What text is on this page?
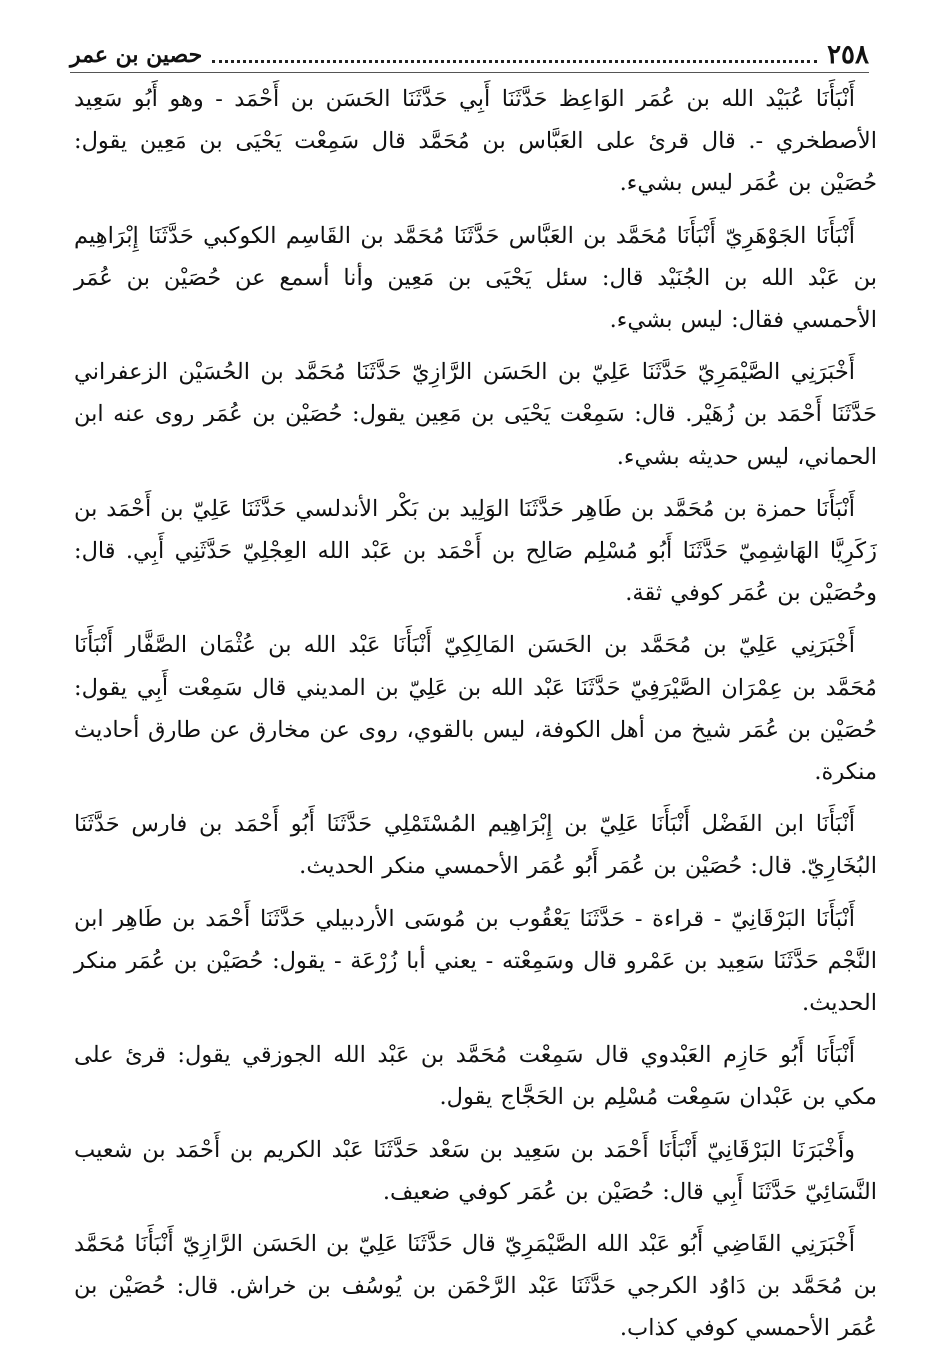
٢٥٨
حصين بن عمر

أَنْبَأَنَا عُبَيْد الله بن عُمَر الوَاعِظ حَدَّثَنَا أَبِي حَدَّثَنَا الحَسَن بن أَحْمَد - وهو أَبُو سَعِيد الأصطخري -. قال قرئ على العَبَّاس بن مُحَمَّد قال سَمِعْت يَحْيَى بن مَعِين يقول: حُصَيْن بن عُمَر ليس بشيء.

أَنْبَأَنَا الجَوْهَرِيّ أَنْبَأَنَا مُحَمَّد بن العَبَّاس حَدَّثَنَا مُحَمَّد بن القَاسِم الكوكبي حَدَّثَنَا إِبْرَاهِيم بن عَبْد الله بن الجُنَيْد قال: سئل يَحْيَى بن مَعِين وأنا أسمع عن حُصَيْن بن عُمَر الأحمسي فقال: ليس بشيء.

أَخْبَرَنِي الصَّيْمَرِيّ حَدَّثَنَا عَلِيّ بن الحَسَن الرَّازِيّ حَدَّثَنَا مُحَمَّد بن الحُسَيْن الزعفراني حَدَّثَنَا أَحْمَد بن زُهَيْر. قال: سَمِعْت يَحْيَى بن مَعِين يقول: حُصَيْن بن عُمَر روى عنه ابن الحماني، ليس حديثه بشيء.

أَنْبَأَنَا حمزة بن مُحَمَّد بن طَاهِر حَدَّثَنَا الوَلِيد بن بَكْر الأندلسي حَدَّثَنَا عَلِيّ بن أَحْمَد بن زَكَرِيَّا الهَاشِمِيّ حَدَّثَنَا أَبُو مُسْلِم صَالِح بن أَحْمَد بن عَبْد الله العِجْلِيّ حَدَّثَنِي أَبِي. قال: وحُصَيْن بن عُمَر كوفي ثقة.

أَخْبَرَنِي عَلِيّ بن مُحَمَّد بن الحَسَن المَالِكِيّ أَنْبَأَنَا عَبْد الله بن عُثْمَان الصَّفَّار أَنْبَأَنَا مُحَمَّد بن عِمْرَان الصَّيْرَفِيّ حَدَّثَنَا عَبْد الله بن عَلِيّ بن المديني قال سَمِعْت أَبِي يقول: حُصَيْن بن عُمَر شيخ من أهل الكوفة، ليس بالقوي، روى عن مخارق عن طارق أحاديث منكرة.

أَنْبَأَنَا ابن الفَضْل أَنْبَأَنَا عَلِيّ بن إِبْرَاهِيم المُسْتَمْلِي حَدَّثَنَا أَبُو أَحْمَد بن فارس حَدَّثَنَا البُخَارِيّ. قال: حُصَيْن بن عُمَر أَبُو عُمَر الأحمسي منكر الحديث.

أَنْبَأَنَا البَرْقَانِيّ - قراءة - حَدَّثَنَا يَعْقُوب بن مُوسَى الأردبيلي حَدَّثَنَا أَحْمَد بن طَاهِر ابن النَّجْم حَدَّثَنَا سَعِيد بن عَمْرو قال وسَمِعْته - يعني أبا زُرْعَة - يقول: حُصَيْن بن عُمَر منكر الحديث.

أَنْبَأَنَا أَبُو حَازِم العَبْدوي قال سَمِعْت مُحَمَّد بن عَبْد الله الجوزقي يقول: قرئ على مكي بن عَبْدان سَمِعْت مُسْلِم بن الحَجَّاج يقول.

وأَخْبَرَنَا البَرْقَانِيّ أَنْبَأَنَا أَحْمَد بن سَعِيد بن سَعْد حَدَّثَنَا عَبْد الكريم بن أَحْمَد بن شعيب النَّسَائِيّ حَدَّثَنَا أَبِي قال: حُصَيْن بن عُمَر كوفي ضعيف.

أَخْبَرَنِي القَاضِي أَبُو عَبْد الله الصَّيْمَرِيّ قال حَدَّثَنَا عَلِيّ بن الحَسَن الرَّازِيّ أَنْبَأَنَا مُحَمَّد بن مُحَمَّد بن دَاوُد الكرجي حَدَّثَنَا عَبْد الرَّحْمَن بن يُوسُف بن خراش. قال: حُصَيْن بن عُمَر الأحمسي كوفي كذاب.
